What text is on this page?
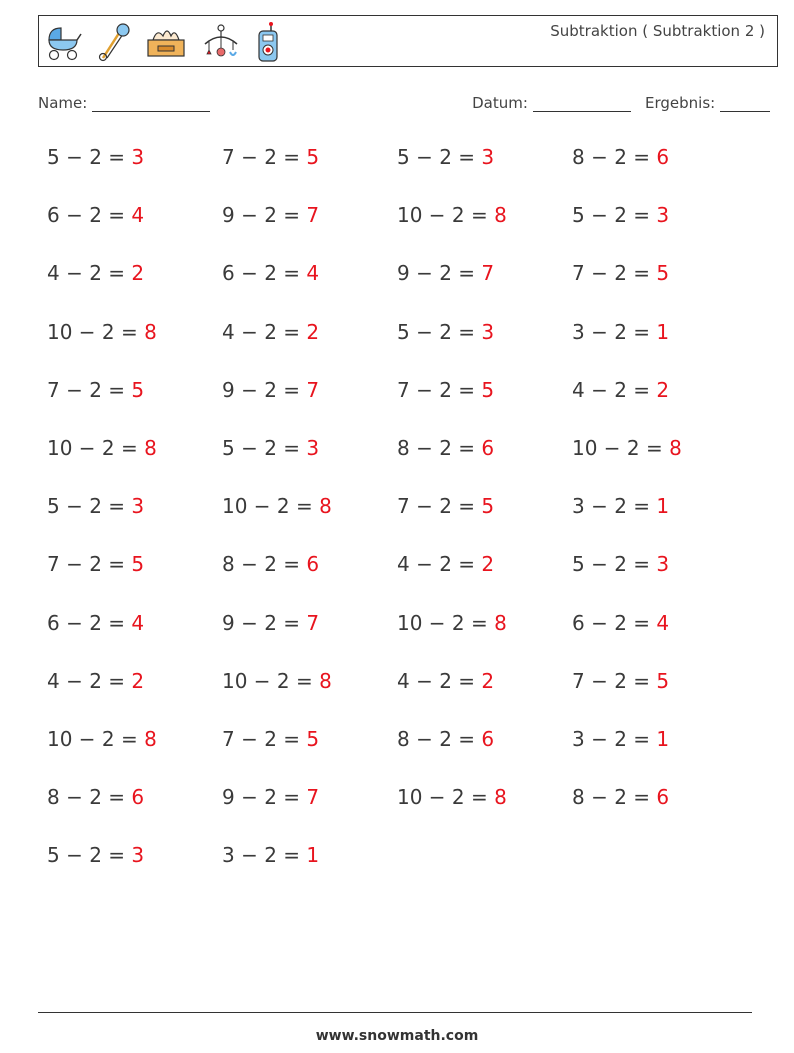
Subtraktion ( Subtraktion 2 )
Name:	Datum:	Ergebnis:
5 − 2 = 3	7 − 2 = 5	5 − 2 = 3	8 − 2 = 6
6 − 2 = 4	9 − 2 = 7	10 − 2 = 8	5 − 2 = 3
4 − 2 = 2	6 − 2 = 4	9 − 2 = 7	7 − 2 = 5
10 − 2 = 8	4 − 2 = 2	5 − 2 = 3	3 − 2 = 1
7 − 2 = 5	9 − 2 = 7	7 − 2 = 5	4 − 2 = 2
10 − 2 = 8	5 − 2 = 3	8 − 2 = 6	10 − 2 = 8
5 − 2 = 3	10 − 2 = 8	7 − 2 = 5	3 − 2 = 1
7 − 2 = 5	8 − 2 = 6	4 − 2 = 2	5 − 2 = 3
6 − 2 = 4	9 − 2 = 7	10 − 2 = 8	6 − 2 = 4
4 − 2 = 2	10 − 2 = 8	4 − 2 = 2	7 − 2 = 5
10 − 2 = 8	7 − 2 = 5	8 − 2 = 6	3 − 2 = 1
8 − 2 = 6	9 − 2 = 7	10 − 2 = 8	8 − 2 = 6
5 − 2 = 3	3 − 2 = 1
www.snowmath.com
